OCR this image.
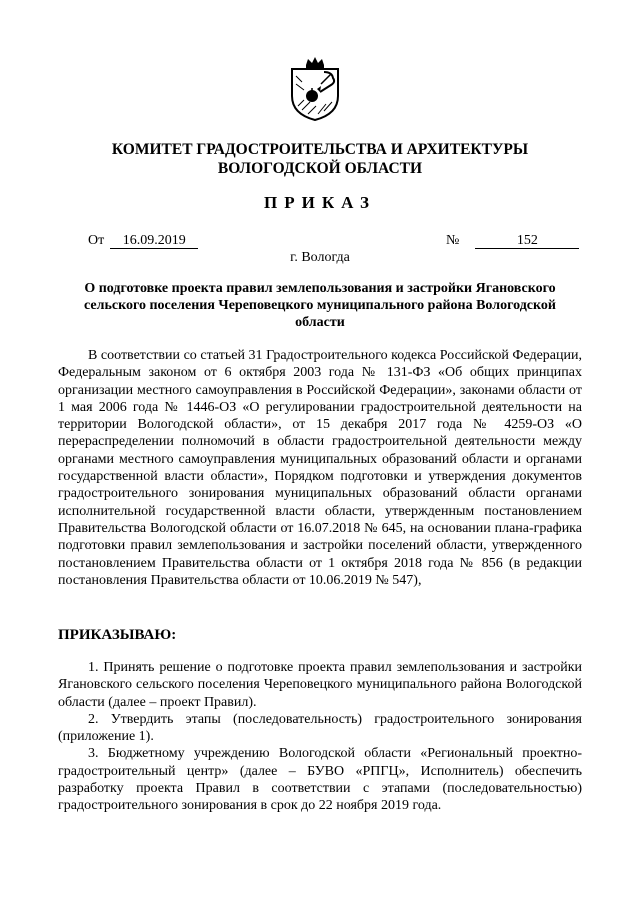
КОМИТЕТ ГРАДОСТРОИТЕЛЬСТВА И АРХИТЕКТУРЫ
ВОЛОГОДСКОЙ ОБЛАСТИ
ПРИКАЗ
От 16.09.2019	№	152
г. Вологда
О подготовке проекта правил землепользования и застройки Ягановского сельского поселения Череповецкого муниципального района Вологодской области

В соответствии со статьей 31 Градостроительного кодекса Российской Федерации, Федеральным законом от 6 октября 2003 года № 131-ФЗ «Об общих принципах организации местного самоуправления в Российской Федерации», законами области от 1 мая 2006 года № 1446-ОЗ «О регулировании градостроительной деятельности на территории Вологодской области», от 15 декабря 2017 года № 4259-ОЗ «О перераспределении полномочий в области градостроительной деятельности между органами местного самоуправления муниципальных образований области и органами государственной власти области», Порядком подготовки и утверждения документов градостроительного зонирования муниципальных образований области органами исполнительной государственной власти области, утвержденным постановлением Правительства Вологодской области от 16.07.2018 № 645, на основании плана-графика подготовки правил землепользования и застройки поселений области, утвержденного постановлением Правительства области от 1 октября 2018 года № 856 (в редакции постановления Правительства области от 10.06.2019 № 547),

ПРИКАЗЫВАЮ:

1. Принять решение о подготовке проекта правил землепользования и застройки Ягановского сельского поселения Череповецкого муниципального района Вологодской области (далее – проект Правил).

2. Утвердить этапы (последовательность) градостроительного зонирования (приложение 1).

3. Бюджетному учреждению Вологодской области «Региональный проектно-градостроительный центр» (далее – БУВО «РПГЦ», Исполнитель) обеспечить разработку проекта Правил в соответствии с этапами (последовательностью) градостроительного зонирования в срок до 22 ноября 2019 года.
